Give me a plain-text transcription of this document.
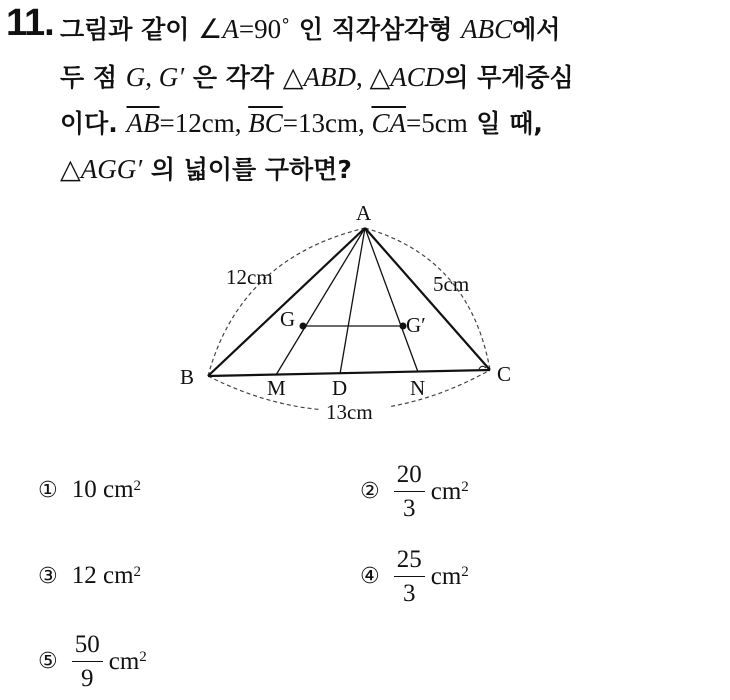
11. 그림과 같이 ∠A=90˚ 인 직각삼각형 ABC에서
두 점 G, G′ 은 각각 △ABD, △ACD의 무게중심
이다. $\overline{AB}=12cm$, $\overline{BC}=13cm$, $\overline{CA}=5cm$ 일 때,
△AGG′ 의 넓이를 구하면?
A
B	C
G	G′
M D	N
12cm	5cm
13cm
① 10
$cm^2$	② $\frac{20}{3} cm^2$
③ 12
$cm^2$	④ $\frac{25}{3} cm^2$
⑤ $\frac{50}{9} cm^2$
